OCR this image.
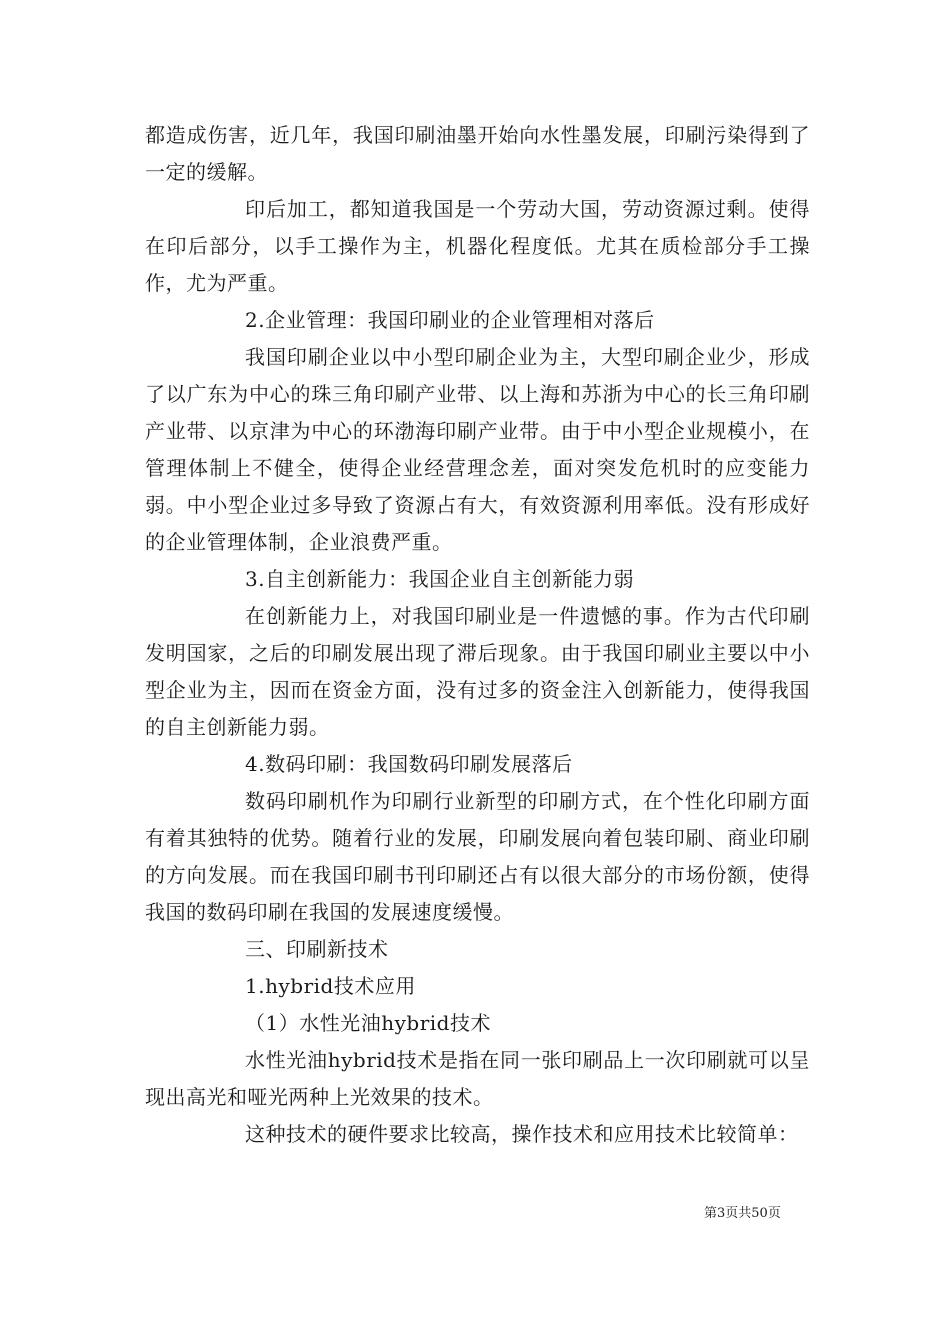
都造成伤害，近几年，我国印刷油墨开始向水性墨发展，印刷污染得到了一定的缓解。

印后加工，都知道我国是一个劳动大国，劳动资源过剩。使得在印后部分，以手工操作为主，机器化程度低。尤其在质检部分手工操作，尤为严重。

2.企业管理：我国印刷业的企业管理相对落后

我国印刷企业以中小型印刷企业为主，大型印刷企业少，形成了以广东为中心的珠三角印刷产业带、以上海和苏浙为中心的长三角印刷产业带、以京津为中心的环渤海印刷产业带。由于中小型企业规模小，在管理体制上不健全，使得企业经营理念差，面对突发危机时的应变能力弱。中小型企业过多导致了资源占有大，有效资源利用率低。没有形成好的企业管理体制，企业浪费严重。

3.自主创新能力：我国企业自主创新能力弱

在创新能力上，对我国印刷业是一件遗憾的事。作为古代印刷发明国家，之后的印刷发展出现了滞后现象。由于我国印刷业主要以中小型企业为主，因而在资金方面，没有过多的资金注入创新能力，使得我国的自主创新能力弱。

4.数码印刷：我国数码印刷发展落后

数码印刷机作为印刷行业新型的印刷方式，在个性化印刷方面有着其独特的优势。随着行业的发展，印刷发展向着包装印刷、商业印刷的方向发展。而在我国印刷书刊印刷还占有以很大部分的市场份额，使得我国的数码印刷在我国的发展速度缓慢。

三、印刷新技术

1.hybrid技术应用

（1）水性光油hybrid技术

水性光油hybrid技术是指在同一张印刷品上一次印刷就可以呈现出高光和哑光两种上光效果的技术。

这种技术的硬件要求比较高，操作技术和应用技术比较简单：

第3页共50页
